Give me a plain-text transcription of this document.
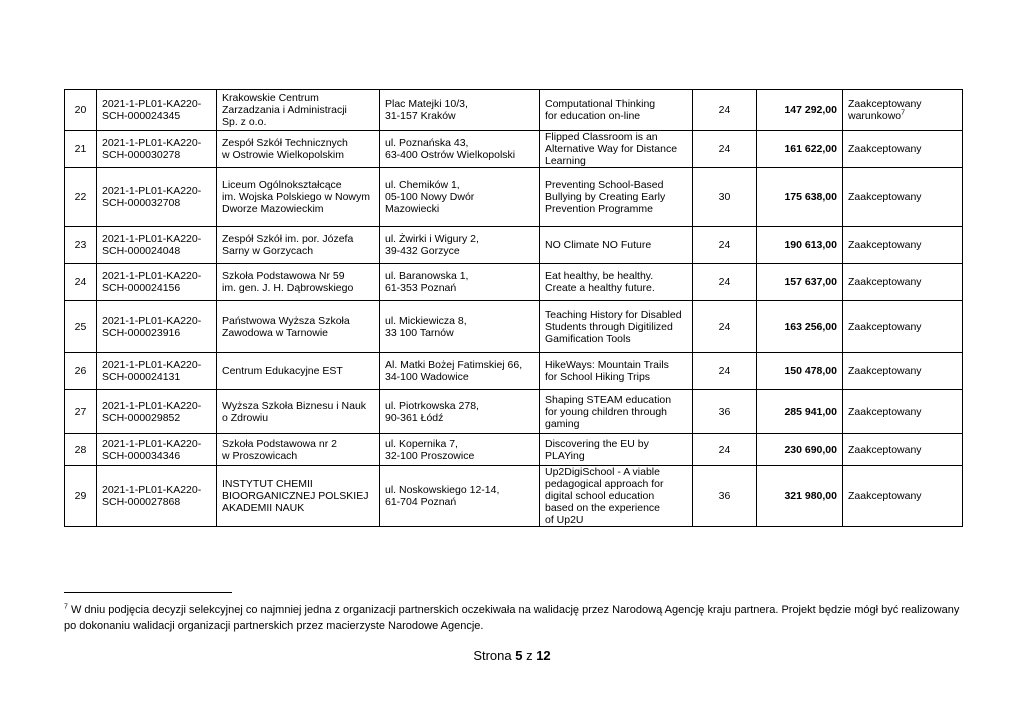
20	2021-1-PL01-KA220-
SCH-000024345	Krakowskie Centrum
Zarzadzania i Administracji
Sp. z o.o.	Plac Matejki 10/3,
31-157 Kraków	Computational Thinking
for education on-line	24	147 292,00	Zaakceptowany
warunkowo$^7$
21	2021-1-PL01-KA220-
SCH-000030278	Zespół Szkół Technicznych
w Ostrowie Wielkopolskim	ul. Poznańska 43,
63-400 Ostrów Wielkopolski	Flipped Classroom is an
Alternative Way for Distance
Learning	24	161 622,00	Zaakceptowany
22	2021-1-PL01-KA220-
SCH-000032708	Liceum Ogólnokształcące
im. Wojska Polskiego w Nowym
Dworze Mazowieckim	ul. Chemików 1,
05-100 Nowy Dwór
Mazowiecki	Preventing School-Based
Bullying by Creating Early
Prevention Programme	30	175 638,00	Zaakceptowany
23	2021-1-PL01-KA220-
SCH-000024048	Zespół Szkół im. por. Józefa
Sarny w Gorzycach	ul. Żwirki i Wigury 2,
39-432 Gorzyce	NO Climate NO Future	24	190 613,00	Zaakceptowany
24	2021-1-PL01-KA220-
SCH-000024156	Szkoła Podstawowa Nr 59
im. gen. J. H. Dąbrowskiego	ul. Baranowska 1,
61-353 Poznań	Eat healthy, be healthy.
Create a healthy future.	24	157 637,00	Zaakceptowany
25	2021-1-PL01-KA220-
SCH-000023916	Państwowa Wyższa Szkoła
Zawodowa w Tarnowie	ul. Mickiewicza 8,
33 100 Tarnów	Teaching History for Disabled
Students through Digitilized
Gamification Tools	24	163 256,00	Zaakceptowany
26	2021-1-PL01-KA220-
SCH-000024131	Centrum Edukacyjne EST	Al. Matki Bożej Fatimskiej 66,
34-100 Wadowice	HikeWays: Mountain Trails
for School Hiking Trips	24	150 478,00	Zaakceptowany
27	2021-1-PL01-KA220-
SCH-000029852	Wyższa Szkoła Biznesu i Nauk
o Zdrowiu	ul. Piotrkowska 278,
90-361 Łódź	Shaping STEAM education
for young children through
gaming	36	285 941,00	Zaakceptowany
28	2021-1-PL01-KA220-
SCH-000034346	Szkoła Podstawowa nr 2
w Proszowicach	ul. Kopernika 7,
32-100 Proszowice	Discovering the EU by
PLAYing	24	230 690,00	Zaakceptowany
29	2021-1-PL01-KA220-
SCH-000027868	INSTYTUT CHEMII
BIOORGANICZNEJ POLSKIEJ
AKADEMII NAUK	ul. Noskowskiego 12-14,
61-704 Poznań	Up2DigiSchool - A viable
pedagogical approach for
digital school education
based on the experience
of Up2U	36	321 980,00	Zaakceptowany
$^7$ W dniu podjęcia decyzji selekcyjnej co najmniej jedna z organizacji partnerskich oczekiwała na walidację przez Narodową Agencję kraju partnera. Projekt będzie mógł być realizowany po dokonaniu walidacji organizacji partnerskich przez macierzyste Narodowe Agencje.
Strona 5 z 12
